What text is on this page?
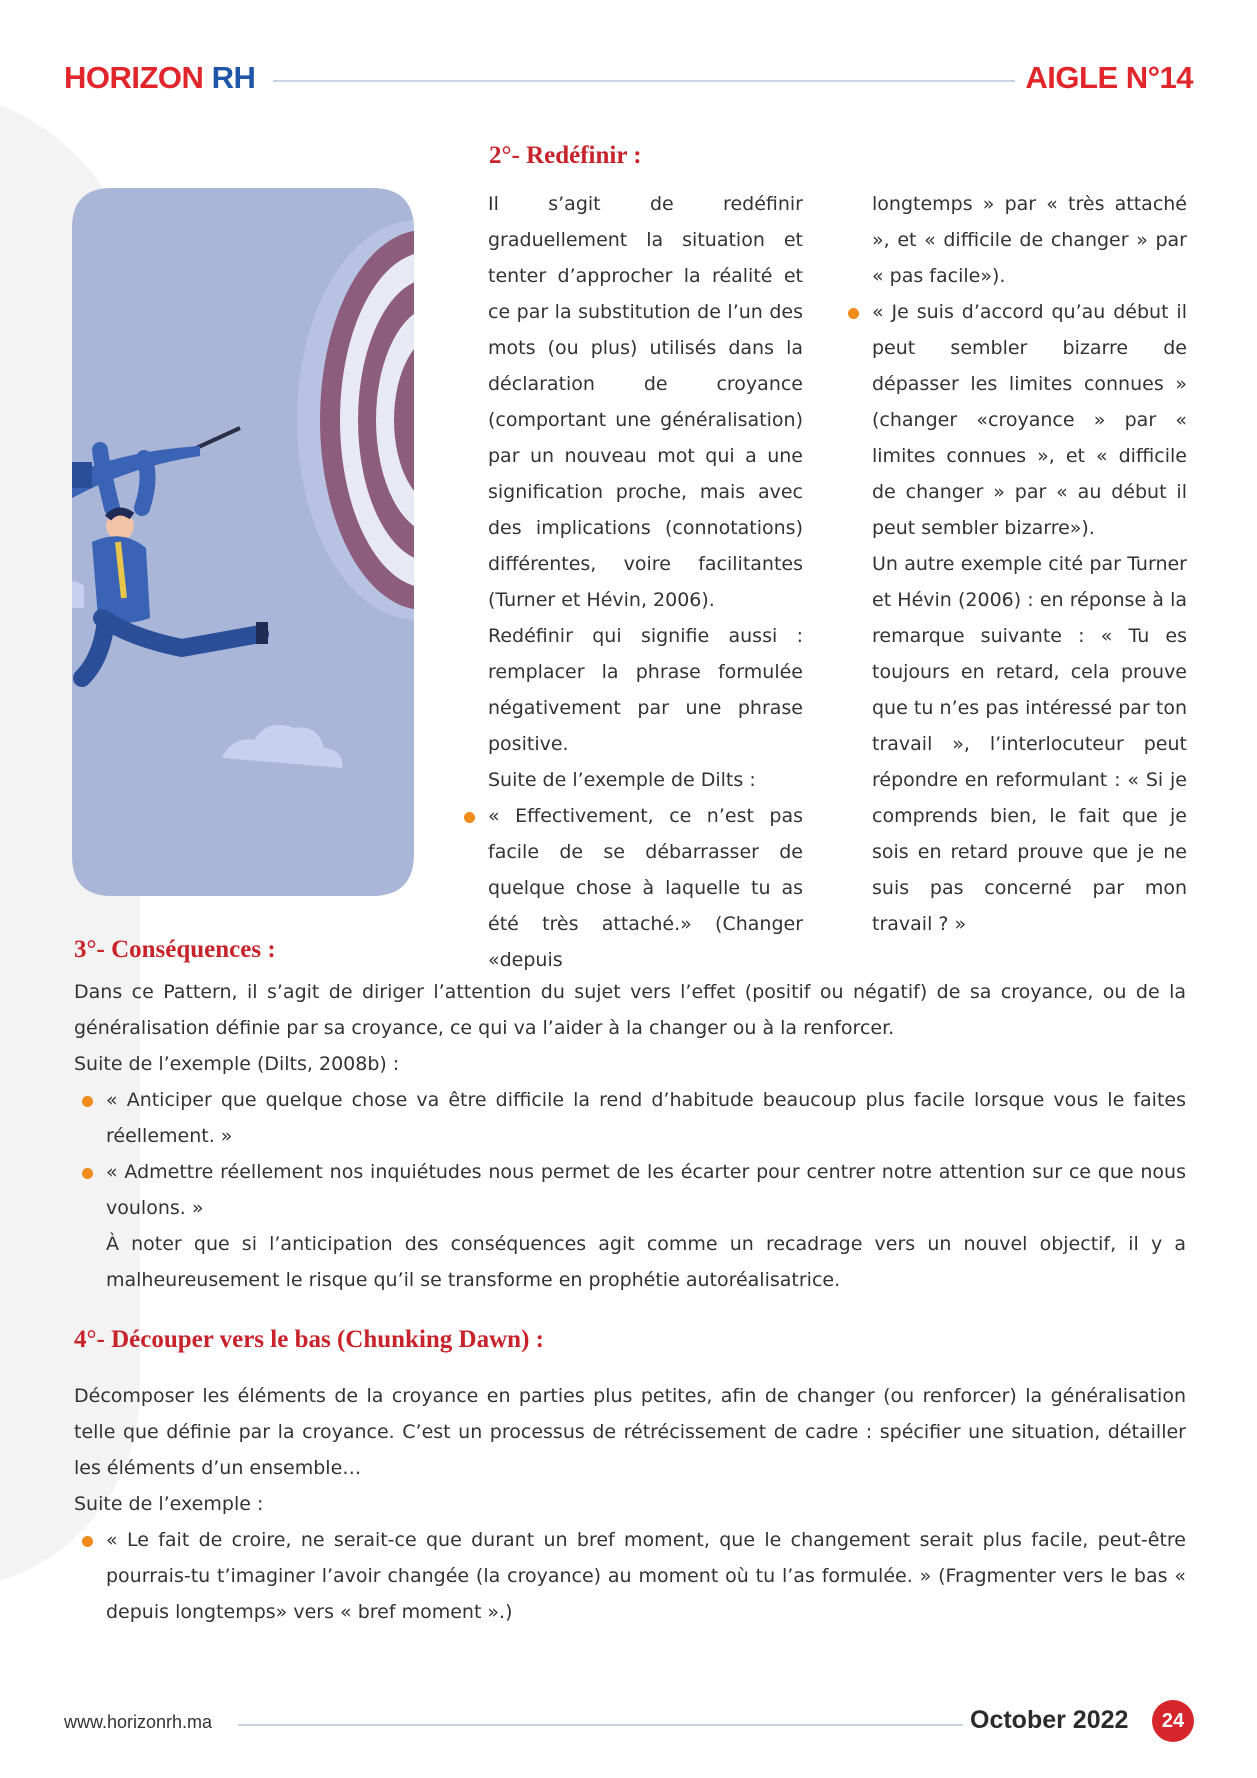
HORIZON RH	AIGLE N°14
2°- Redéfinir :

Il s’agit de redéfinir graduellement la situation et tenter d’approcher la réalité et ce par la substitution de l’un des mots (ou plus) utilisés dans la déclaration de croyance (comportant une généralisation) par un nouveau mot qui a une signification proche, mais avec des implications (connotations) différentes, voire facilitantes (Turner et Hévin, 2006).

Redéfinir qui signifie aussi : remplacer la phrase formulée négativement par une phrase positive.

Suite de l’exemple de Dilts :

« Effectivement, ce n’est pas facile de se débarrasser de quelque chose à laquelle tu as été très attaché.» (Changer «depuis

longtemps » par « très attaché », et « difficile de changer » par « pas facile»).

« Je suis d’accord qu’au début il peut sembler bizarre de dépasser les limites connues » (changer «croyance » par « limites connues », et « difficile de changer » par « au début il peut sembler bizarre»).

Un autre exemple cité par Turner et Hévin (2006) : en réponse à la remarque suivante : « Tu es toujours en retard, cela prouve que tu n’es pas intéressé par ton travail », l’interlocuteur peut répondre en reformulant : « Si je comprends bien, le fait que je sois en retard prouve que je ne suis pas concerné par mon travail ? »

3°- Conséquences :

Dans ce Pattern, il s’agit de diriger l’attention du sujet vers l’effet (positif ou négatif) de sa croyance, ou de la généralisation définie par sa croyance, ce qui va l’aider à la changer ou à la renforcer.

Suite de l’exemple (Dilts, 2008b) :

« Anticiper que quelque chose va être difficile la rend d’habitude beaucoup plus facile lorsque vous le faites réellement. »

« Admettre réellement nos inquiétudes nous permet de les écarter pour centrer notre attention sur ce que nous voulons. »

À noter que si l’anticipation des conséquences agit comme un recadrage vers un nouvel objectif, il y a malheureusement le risque qu’il se transforme en prophétie autoréalisatrice.

4°- Découper vers le bas (Chunking Dawn) :

Décomposer les éléments de la croyance en parties plus petites, afin de changer (ou renforcer) la généralisation telle que définie par la croyance. C’est un processus de rétrécissement de cadre : spécifier une situation, détailler les éléments d’un ensemble…

Suite de l’exemple :

« Le fait de croire, ne serait-ce que durant un bref moment, que le changement serait plus facile, peut-être pourrais-tu t’imaginer l’avoir changée (la croyance) au moment où tu l’as formulée. » (Fragmenter vers le bas « depuis longtemps» vers « bref moment ».)

www.horizonrh.ma	October 2022	24
